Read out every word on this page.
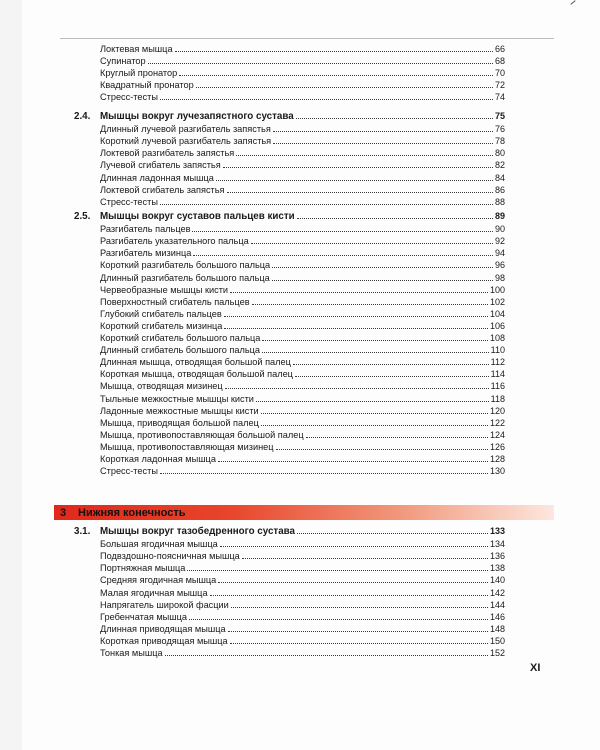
Локтевая мышца	66
Супинатор	68
Круглый пронатор	70
Квадратный пронатор	72
Стресс-тесты	74
2.4. Мышцы вокруг лучезапястного сустава	75
Длинный лучевой разгибатель запястья	76
Короткий лучевой разгибатель запястья	78
Локтевой разгибатель запястья	80
Лучевой сгибатель запястья	82
Длинная ладонная мышца	84
Локтевой сгибатель запястья	86
Стресс-тесты	88
2.5. Мышцы вокруг суставов пальцев кисти	89
Разгибатель пальцев	90
Разгибатель указательного пальца	92
Разгибатель мизинца	94
Короткий разгибатель большого пальца	96
Длинный разгибатель большого пальца	98
Червеобразные мышцы кисти	100
Поверхностный сгибатель пальцев	102
Глубокий сгибатель пальцев	104
Короткий сгибатель мизинца	106
Короткий сгибатель большого пальца	108
Длинный сгибатель большого пальца	110
Длинная мышца, отводящая большой палец	112
Короткая мышца, отводящая большой палец	114
Мышца, отводящая мизинец	116
Тыльные межкостные мышцы кисти	118
Ладонные межкостные мышцы кисти	120
Мышца, приводящая большой палец	122
Мышца, противопоставляющая большой палец	124
Мышца, противопоставляющая мизинец	126
Короткая ладонная мышца	128
Стресс-тесты	130
3.1. Мышцы вокруг тазобедренного сустава	133
Большая ягодичная мышца	134
Подвздошно-поясничная мышца	136
Портняжная мышца	138
Средняя ягодичная мышца	140
Малая ягодичная мышца	142
Напрягатель широкой фасции	144
Гребенчатая мышца	146
Длинная приводящая мышца	148
Короткая приводящая мышца	150
Тонкая мышца	152
3	Нижняя конечность
XI
